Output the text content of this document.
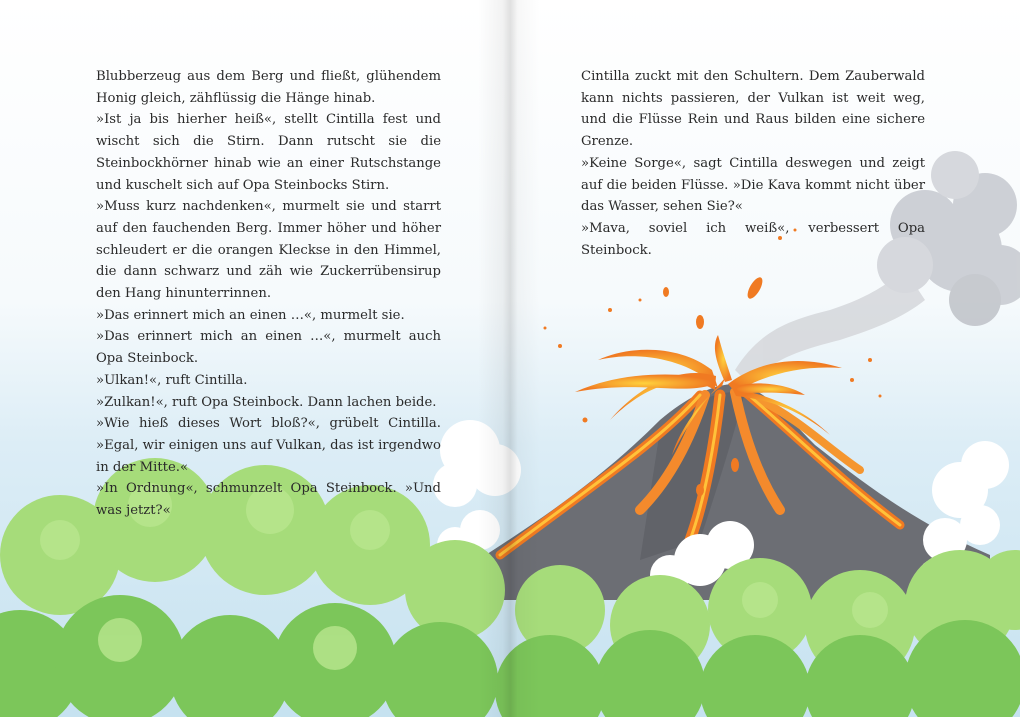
Blubberzeug aus dem Berg und fließt, glühendem Honig gleich, zähflüssig die Hänge hinab.

»Ist ja bis hierher heiß«, stellt Cintilla fest und wischt sich die Stirn. Dann rutscht sie die Steinbockhörner hinab wie an einer Rutschstange und kuschelt sich auf Opa Steinbocks Stirn.

»Muss kurz nachdenken«, murmelt sie und starrt auf den fauchenden Berg. Immer höher und höher schleudert er die orangen Kleckse in den Himmel, die dann schwarz und zäh wie Zuckerrübensirup den Hang hinunterrinnen.

»Das erinnert mich an einen …«, murmelt sie.

»Das erinnert mich an einen …«, murmelt auch Opa Steinbock.

»Ulkan!«, ruft Cintilla.

»Zulkan!«, ruft Opa Steinbock. Dann lachen beide.

»Wie hieß dieses Wort bloß?«, grübelt Cintilla. »Egal, wir einigen uns auf Vulkan, das ist irgendwo in der Mitte.«

»In Ordnung«, schmunzelt Opa Steinbock. »Und was jetzt?«

Cintilla zuckt mit den Schultern. Dem Zauberwald kann nichts passieren, der Vulkan ist weit weg, und die Flüsse Rein und Raus bilden eine sichere Grenze.

»Keine Sorge«, sagt Cintilla deswegen und zeigt auf die beiden Flüsse. »Die Kava kommt nicht über das Wasser, sehen Sie?«

»Mava, soviel ich weiß«, verbessert Opa Steinbock.
